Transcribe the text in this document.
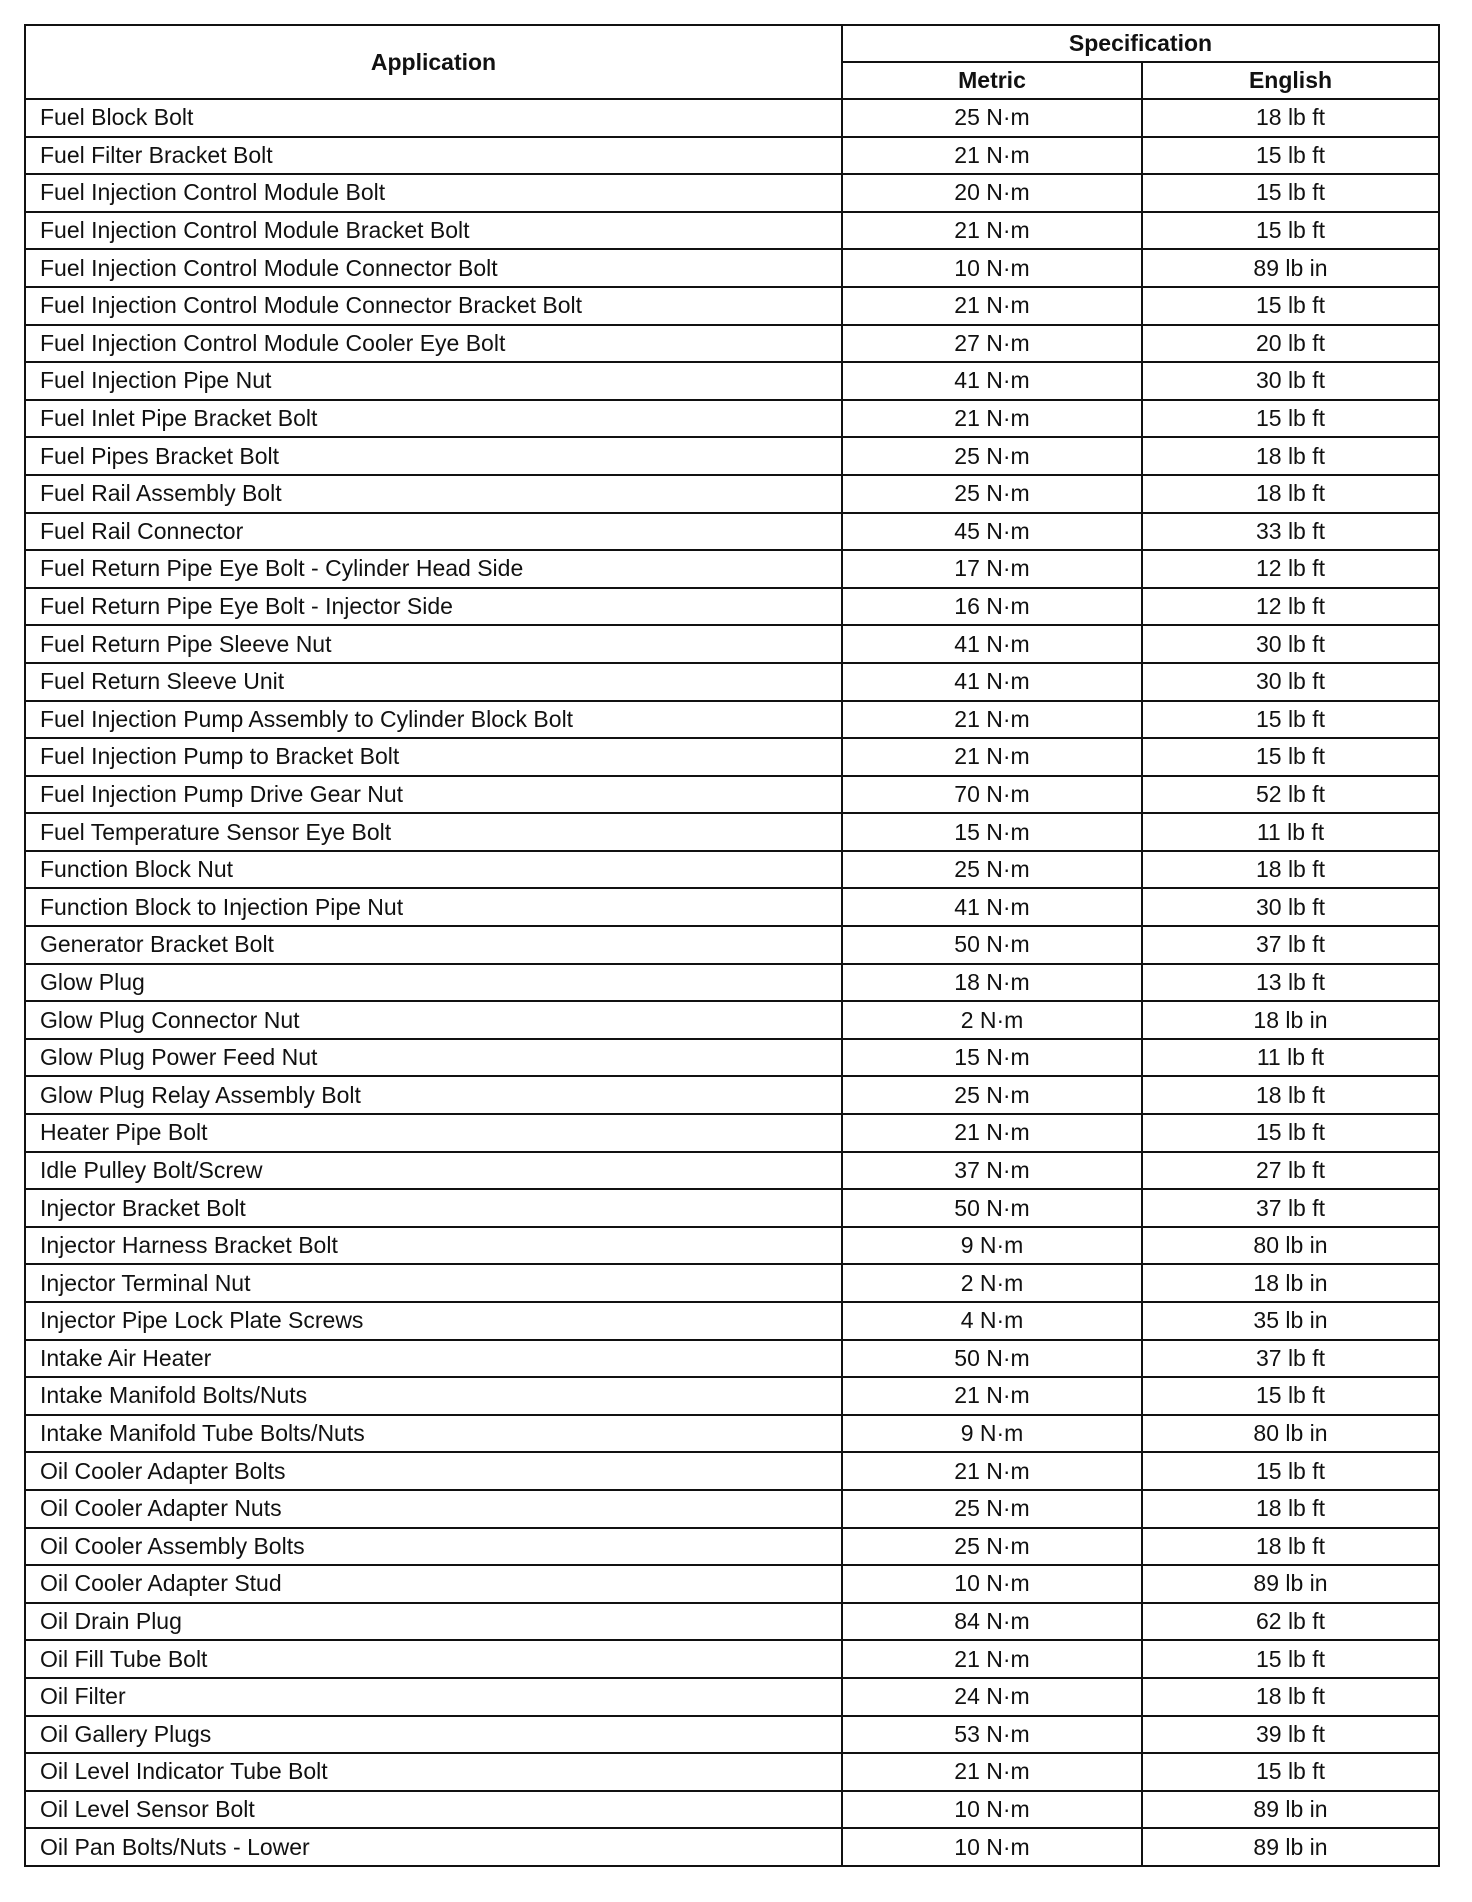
Application	Specification	
	Metric	English
Fuel Block Bolt	25 N·m	18 lb ft
Fuel Filter Bracket Bolt	21 N·m	15 lb ft
Fuel Injection Control Module Bolt	20 N·m	15 lb ft
Fuel Injection Control Module Bracket Bolt	21 N·m	15 lb ft
Fuel Injection Control Module Connector Bolt	10 N·m	89 lb in
Fuel Injection Control Module Connector Bracket Bolt	21 N·m	15 lb ft
Fuel Injection Control Module Cooler Eye Bolt	27 N·m	20 lb ft
Fuel Injection Pipe Nut	41 N·m	30 lb ft
Fuel Inlet Pipe Bracket Bolt	21 N·m	15 lb ft
Fuel Pipes Bracket Bolt	25 N·m	18 lb ft
Fuel Rail Assembly Bolt	25 N·m	18 lb ft
Fuel Rail Connector	45 N·m	33 lb ft
Fuel Return Pipe Eye Bolt - Cylinder Head Side	17 N·m	12 lb ft
Fuel Return Pipe Eye Bolt - Injector Side	16 N·m	12 lb ft
Fuel Return Pipe Sleeve Nut	41 N·m	30 lb ft
Fuel Return Sleeve Unit	41 N·m	30 lb ft
Fuel Injection Pump Assembly to Cylinder Block Bolt	21 N·m	15 lb ft
Fuel Injection Pump to Bracket Bolt	21 N·m	15 lb ft
Fuel Injection Pump Drive Gear Nut	70 N·m	52 lb ft
Fuel Temperature Sensor Eye Bolt	15 N·m	11 lb ft
Function Block Nut	25 N·m	18 lb ft
Function Block to Injection Pipe Nut	41 N·m	30 lb ft
Generator Bracket Bolt	50 N·m	37 lb ft
Glow Plug	18 N·m	13 lb ft
Glow Plug Connector Nut	2 N·m	18 lb in
Glow Plug Power Feed Nut	15 N·m	11 lb ft
Glow Plug Relay Assembly Bolt	25 N·m	18 lb ft
Heater Pipe Bolt	21 N·m	15 lb ft
Idle Pulley Bolt/Screw	37 N·m	27 lb ft
Injector Bracket Bolt	50 N·m	37 lb ft
Injector Harness Bracket Bolt	9 N·m	80 lb in
Injector Terminal Nut	2 N·m	18 lb in
Injector Pipe Lock Plate Screws	4 N·m	35 lb in
Intake Air Heater	50 N·m	37 lb ft
Intake Manifold Bolts/Nuts	21 N·m	15 lb ft
Intake Manifold Tube Bolts/Nuts	9 N·m	80 lb in
Oil Cooler Adapter Bolts	21 N·m	15 lb ft
Oil Cooler Adapter Nuts	25 N·m	18 lb ft
Oil Cooler Assembly Bolts	25 N·m	18 lb ft
Oil Cooler Adapter Stud	10 N·m	89 lb in
Oil Drain Plug	84 N·m	62 lb ft
Oil Fill Tube Bolt	21 N·m	15 lb ft
Oil Filter	24 N·m	18 lb ft
Oil Gallery Plugs	53 N·m	39 lb ft
Oil Level Indicator Tube Bolt	21 N·m	15 lb ft
Oil Level Sensor Bolt	10 N·m	89 lb in
Oil Pan Bolts/Nuts - Lower	10 N·m	89 lb in
